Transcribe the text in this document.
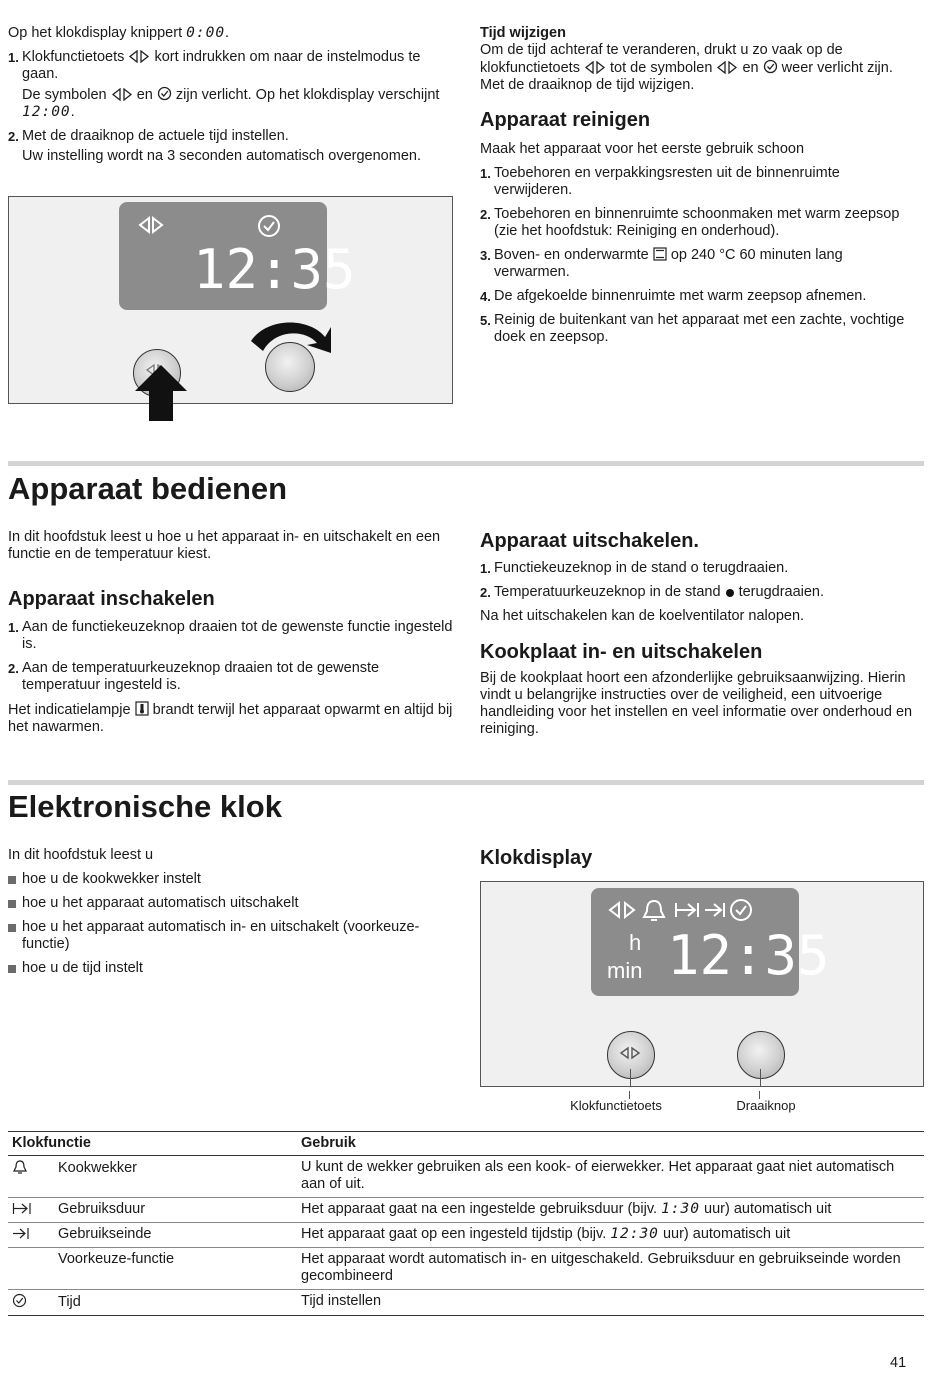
Op het klokdisplay knippert 0:00.

1. Klokfunctietoets kort indrukken om naar de instelmodus te gaan.
De symbolen en zijn verlicht. Op het klokdisplay verschijnt 12:00.
2. Met de draaiknop de actuele tijd instellen.
Uw instelling wordt na 3 seconden automatisch overgenomen.
12:35

Tijd wijzigen

Om de tijd achteraf te veranderen, drukt u zo vaak op de klokfunctietoets tot de symbolen en weer verlicht zijn. Met de draaiknop de tijd wijzigen.

Apparaat reinigen

Maak het apparaat voor het eerste gebruik schoon

1. Toebehoren en verpakkingsresten uit de binnenruimte verwijderen.
2. Toebehoren en binnenruimte schoonmaken met warm zeepsop (zie het hoofdstuk: Reiniging en onderhoud).
3. Boven- en onderwarmte op 240 °C 60 minuten lang verwarmen.
4. De afgekoelde binnenruimte met warm zeepsop afnemen.
5. Reinig de buitenkant van het apparaat met een zachte, vochtige doek en zeepsop.
Apparaat bedienen

In dit hoofdstuk leest u hoe u het apparaat in- en uitschakelt en een functie en de temperatuur kiest.

Apparaat inschakelen

1. Aan de functiekeuzeknop draaien tot de gewenste functie ingesteld is.
2. Aan de temperatuurkeuzeknop draaien tot de gewenste temperatuur ingesteld is.

Het indicatielampje brandt terwijl het apparaat opwarmt en altijd bij het nawarmen.

Apparaat uitschakelen.

1. Functiekeuzeknop in de stand o terugdraaien.
2. Temperatuurkeuzeknop in de stand terugdraaien.

Na het uitschakelen kan de koelventilator nalopen.

Kookplaat in- en uitschakelen

Bij de kookplaat hoort een afzonderlijke gebruiksaanwijzing. Hierin vindt u belangrijke instructies over de veiligheid, een uitvoerige handleiding voor het instellen en veel informatie over onderhoud en reiniging.

Elektronische klok

In dit hoofdstuk leest u

hoe u de kookwekker instelt
hoe u het apparaat automatisch uitschakelt
hoe u het apparaat automatisch in- en uitschakelt (voorkeuze-functie)
hoe u de tijd instelt

Klokdisplay

h
min 12:35
Klokfunctietoets	Draaiknop
Klokfunctie	Gebruik
Kookwekker	U kunt de wekker gebruiken als een kook- of eierwekker. Het apparaat gaat niet automatisch aan of uit.
Gebruiksduur	Het apparaat gaat na een ingestelde gebruiksduur (bijv. 1:30 uur) automatisch uit
Gebruikseinde	Het apparaat gaat op een ingesteld tijdstip (bijv. 12:30 uur) automatisch uit
Voorkeuze-functie	Het apparaat wordt automatisch in- en uitgeschakeld. Gebruiksduur en gebruikseinde worden gecombineerd
Tijd	Tijd instellen
41
